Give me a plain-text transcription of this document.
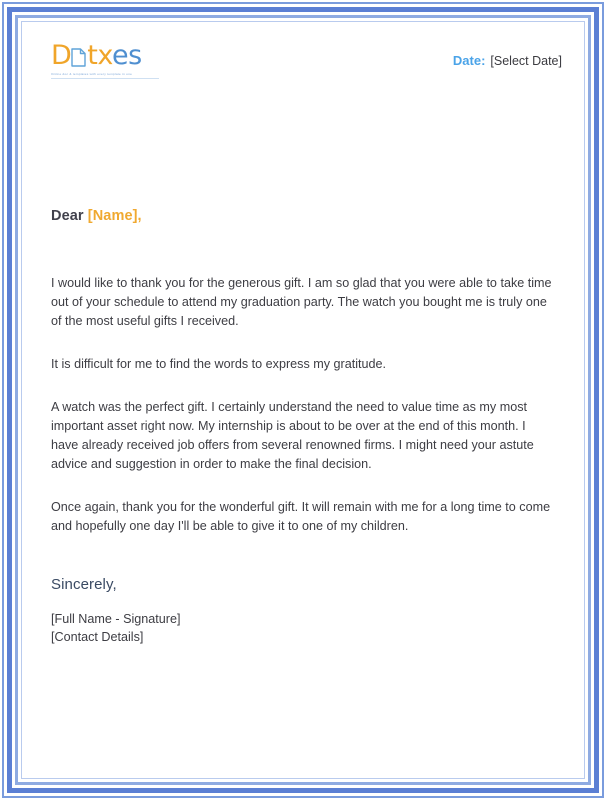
D txes
Online doc & templates with every template in one
Date: [Select Date]
Dear [Name],

I would like to thank you for the generous gift. I am so glad that you were able to take time out of your schedule to attend my graduation party. The watch you bought me is truly one of the most useful gifts I received.

It is difficult for me to find the words to express my gratitude.

A watch was the perfect gift. I certainly understand the need to value time as my most important asset right now. My internship is about to be over at the end of this month. I have already received job offers from several renowned firms. I might need your astute advice and suggestion in order to make the final decision.

Once again, thank you for the wonderful gift. It will remain with me for a long time to come and hopefully one day I'll be able to give it to one of my children.

Sincerely,
[Full Name - Signature]
[Contact Details]
